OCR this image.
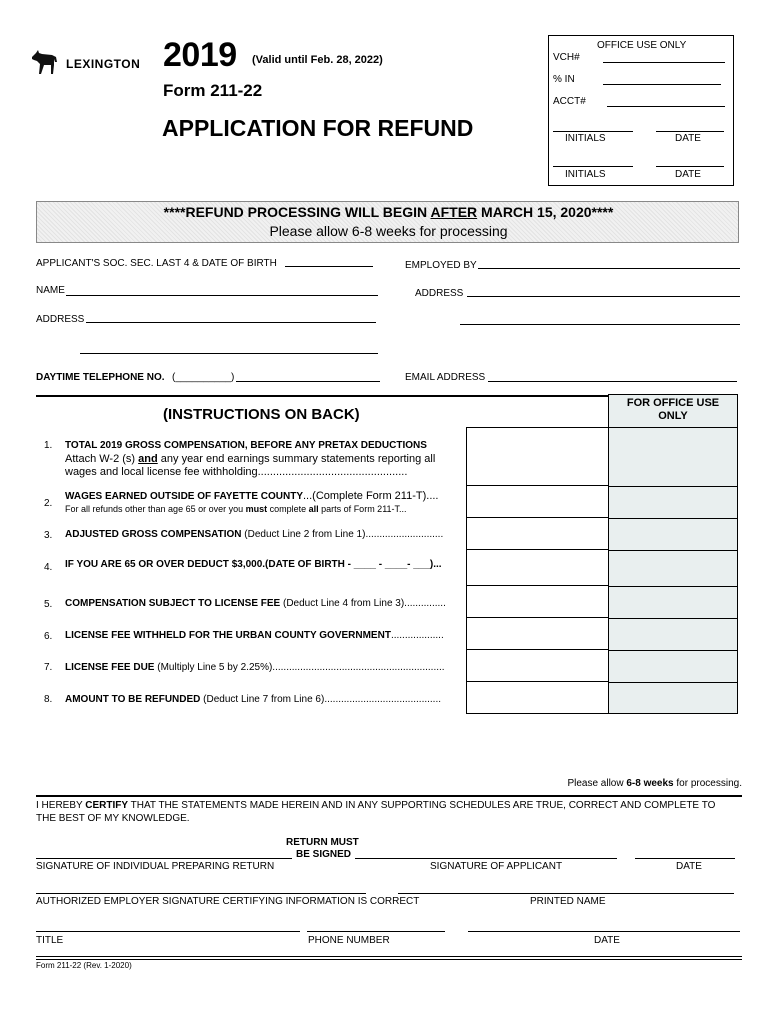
LEXINGTON 2019 (Valid until Feb. 28, 2022)
Form 211-22
APPLICATION FOR REFUND
OFFICE USE ONLY
VCH#
% IN
ACCT#
INITIALS	DATE
INITIALS	DATE
****REFUND PROCESSING WILL BEGIN AFTER MARCH 15, 2020****
Please allow 6-8 weeks for processing
APPLICANT'S SOC. SEC. LAST 4 & DATE OF BIRTH	EMPLOYED BY
NAME	ADDRESS
ADDRESS
DAYTIME TELEPHONE NO. (__________)	EMAIL ADDRESS
(INSTRUCTIONS ON BACK)
FOR OFFICE USE
ONLY
1. TOTAL 2019 GROSS COMPENSATION, BEFORE ANY PRETAX DEDUCTIONS
Attach W-2 (s) and any year end earnings summary statements reporting all
wages and local license fee withholding.................................................
2.
WAGES EARNED OUTSIDE OF FAYETTE COUNTY...(Complete Form 211-T)....
For all refunds other than age 65 or over you must complete all parts of Form 211-T...
3. ADJUSTED GROSS COMPENSATION (Deduct Line 2 from Line 1)............................
4. IF YOU ARE 65 OR OVER DEDUCT $3,000.(DATE OF BIRTH - ____ - ____- ___)...
5. COMPENSATION SUBJECT TO LICENSE FEE (Deduct Line 4 from Line 3)...............
6. LICENSE FEE WITHHELD FOR THE URBAN COUNTY GOVERNMENT...................
7. LICENSE FEE DUE (Multiply Line 5 by 2.25%)..............................................................
8. AMOUNT TO BE REFUNDED (Deduct Line 7 from Line 6)..........................................
Please allow 6-8 weeks for processing.
I HEREBY CERTIFY THAT THE STATEMENTS MADE HEREIN AND IN ANY SUPPORTING SCHEDULES ARE TRUE, CORRECT AND COMPLETE TO
THE BEST OF MY KNOWLEDGE.
RETURN MUST
BE SIGNED
SIGNATURE OF INDIVIDUAL PREPARING RETURN	SIGNATURE OF APPLICANT	DATE
AUTHORIZED EMPLOYER SIGNATURE CERTIFYING INFORMATION IS CORRECT	PRINTED NAME
TITLE	PHONE NUMBER	DATE
Form 211-22 (Rev. 1-2020)
